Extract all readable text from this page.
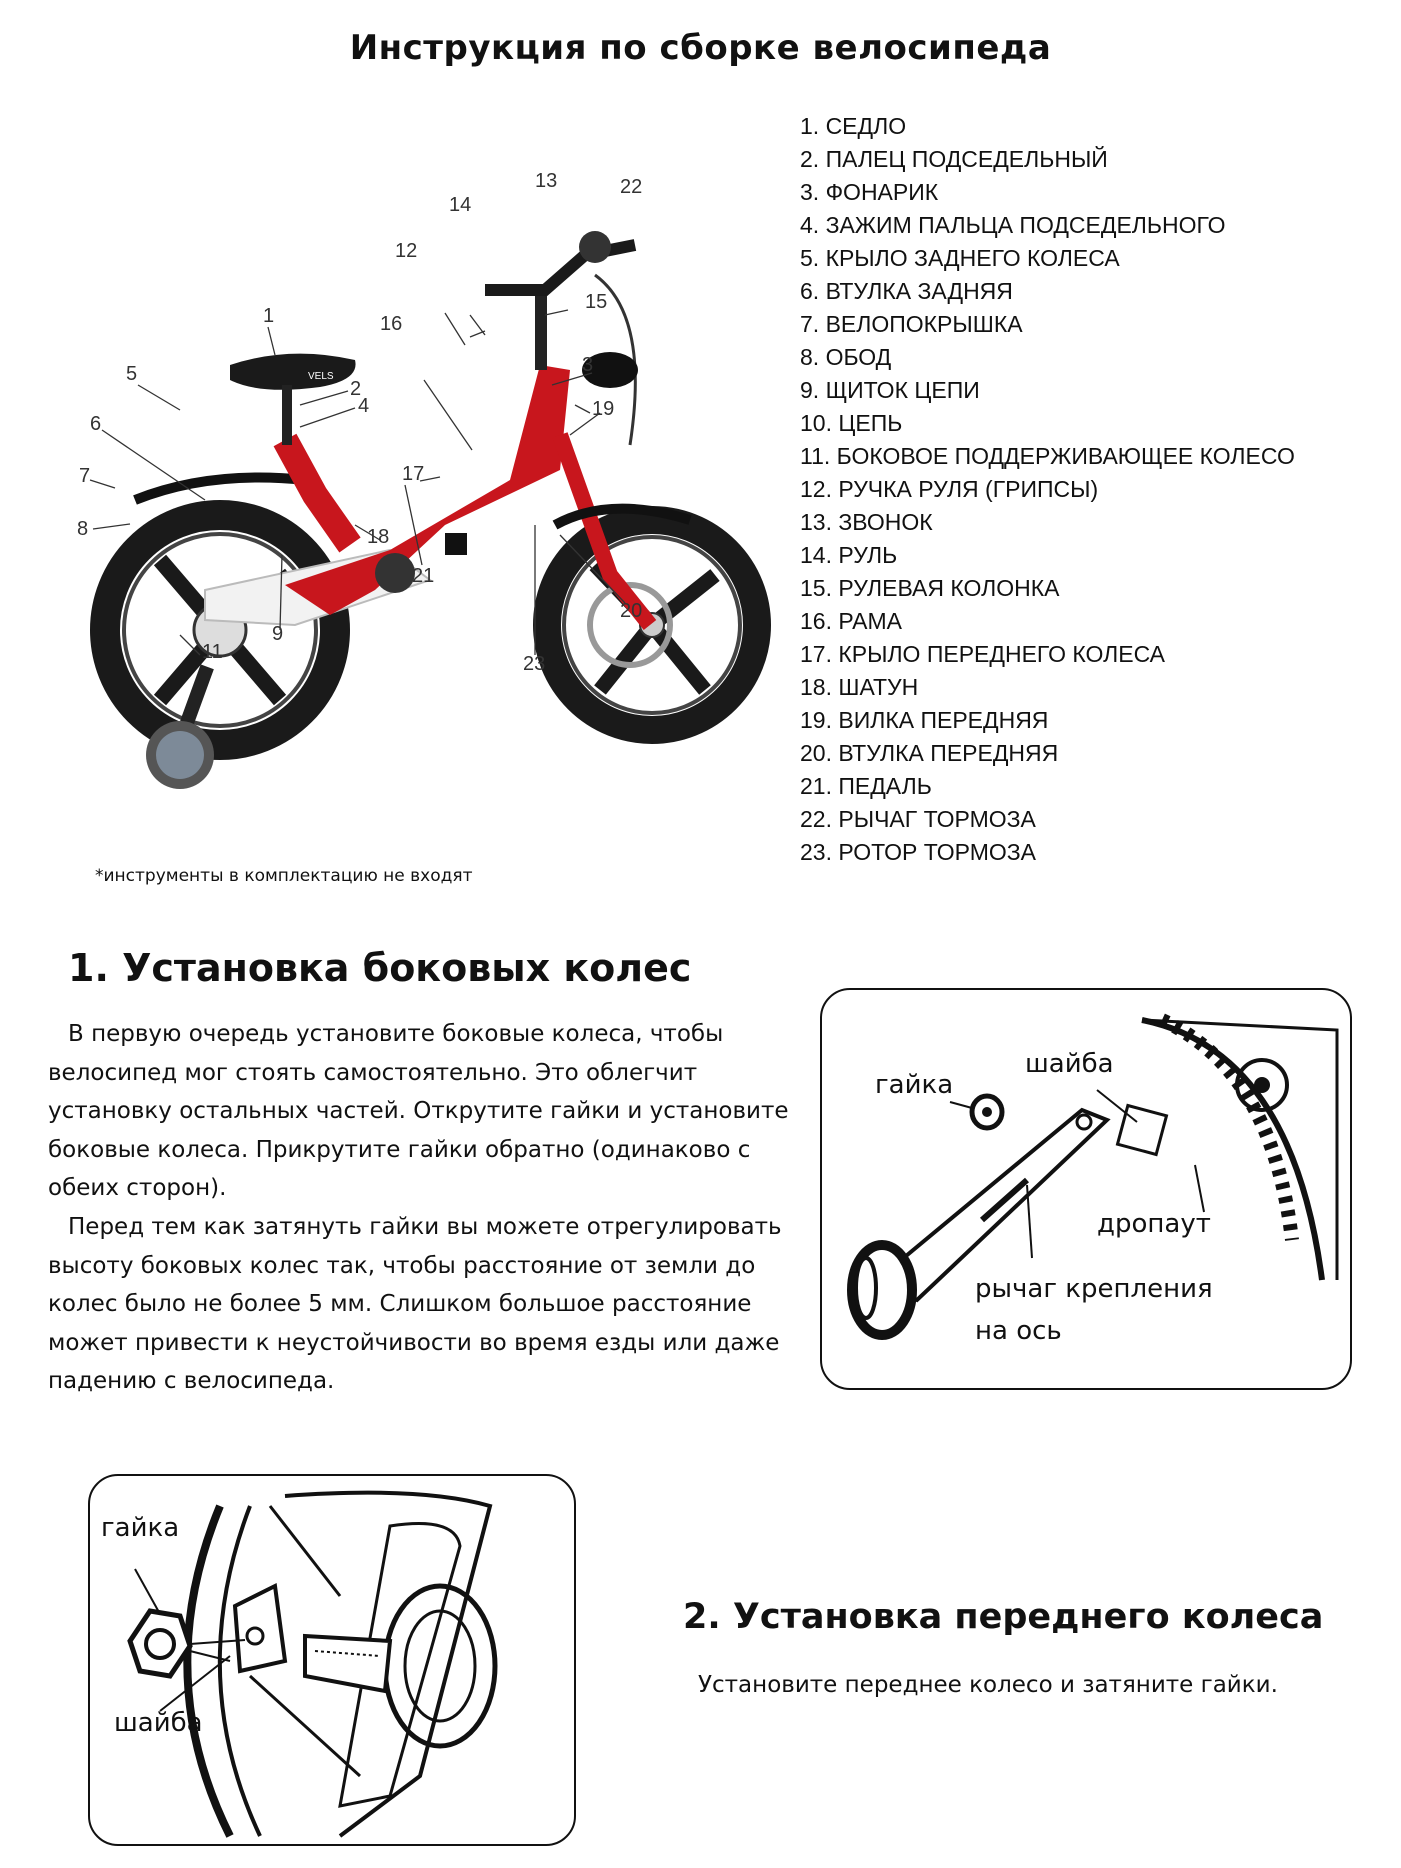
Инструкция по сборке велосипеда
1. СЕДЛО
2. ПАЛЕЦ ПОДСЕДЕЛЬНЫЙ
3. ФОНАРИК
4. ЗАЖИМ ПАЛЬЦА ПОДСЕДЕЛЬНОГО
5. КРЫЛО ЗАДНЕГО КОЛЕСА
6. ВТУЛКА ЗАДНЯЯ
7. ВЕЛОПОКРЫШКА
8. ОБОД
9. ЩИТОК ЦЕПИ
10. ЦЕПЬ
11. БОКОВОЕ ПОДДЕРЖИВАЮЩЕЕ КОЛЕСО
12. РУЧКА РУЛЯ (ГРИПСЫ)
13. ЗВОНОК
14. РУЛЬ
15. РУЛЕВАЯ КОЛОНКА
16. РАМА
17. КРЫЛО ПЕРЕДНЕГО КОЛЕСА
18. ШАТУН
19. ВИЛКА ПЕРЕДНЯЯ
20. ВТУЛКА ПЕРЕДНЯЯ
21. ПЕДАЛЬ
22. РЫЧАГ ТОРМОЗА
23. РОТОР ТОРМОЗА
VELS
1
2
3
4
5
6
7
8
9
11
12
13
14
15
16
17
18
19
20
21
22
23
*инструменты в комплектацию не входят
1. Установка боковых колес

В первую очередь установите боковые колеса, чтобы велосипед мог стоять самостоятельно. Это облегчит установку остальных частей. Открутите гайки и установите боковые колеса. Прикрутите гайки обратно (одинаково с обеих сторон).

Перед тем как затянуть гайки вы можете отрегулировать высоту боковых колес так, чтобы расстояние от земли до колес было не более 5 мм. Слишком большое расстояние может привести к неустойчивости во время езды или даже падению с велосипеда.

шайба
гайка
дропаут
рычаг крепления
на ось
гайка
шайба
2. Установка переднего колеса
Установите переднее колесо и затяните гайки.
